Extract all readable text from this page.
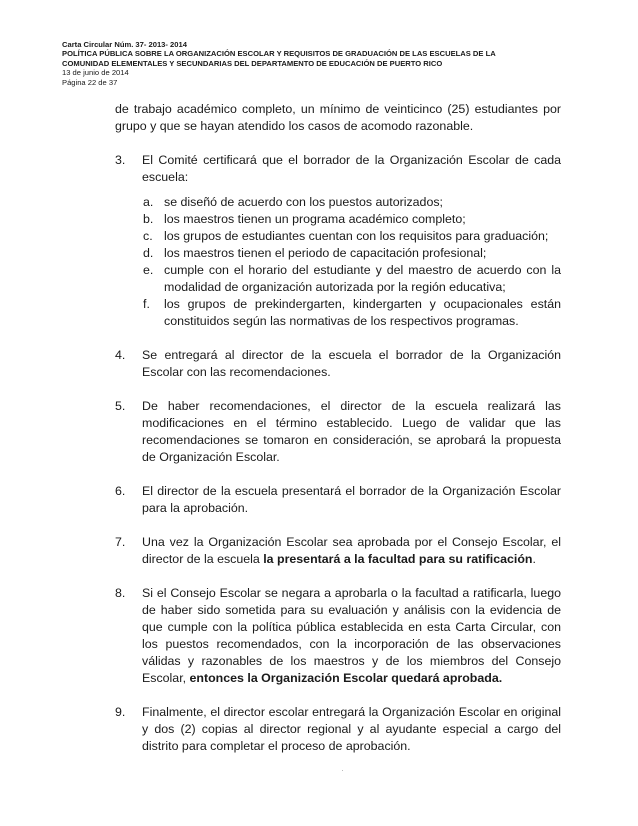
Carta Circular Núm. 37- 2013- 2014
POLÍTICA PÚBLICA SOBRE LA ORGANIZACIÓN ESCOLAR Y REQUISITOS DE GRADUACIÓN DE LAS ESCUELAS DE LA
COMUNIDAD ELEMENTALES Y SECUNDARIAS DEL DEPARTAMENTO DE EDUCACIÓN DE PUERTO RICO
13 de junio de 2014
Página 22 de 37

de trabajo académico completo, un mínimo de veinticinco (25) estudiantes por grupo y que se hayan atendido los casos de acomodo razonable.

3. El Comité certificará que el borrador de la Organización Escolar de cada escuela:

a. se diseñó de acuerdo con los puestos autorizados;

b. los maestros tienen un programa académico completo;

c. los grupos de estudiantes cuentan con los requisitos para graduación;

d. los maestros tienen el periodo de capacitación profesional;

e. cumple con el horario del estudiante y del maestro de acuerdo con la modalidad de organización autorizada por la región educativa;

f. los grupos de prekindergarten, kindergarten y ocupacionales están constituidos según las normativas de los respectivos programas.

4. Se entregará al director de la escuela el borrador de la Organización Escolar con las recomendaciones.

5. De haber recomendaciones, el director de la escuela realizará las modificaciones en el término establecido. Luego de validar que las recomendaciones se tomaron en consideración, se aprobará la propuesta de Organización Escolar.

6. El director de la escuela presentará el borrador de la Organización Escolar para la aprobación.

7. Una vez la Organización Escolar sea aprobada por el Consejo Escolar, el director de la escuela la presentará a la facultad para su ratificación.

8. Si el Consejo Escolar se negara a aprobarla o la facultad a ratificarla, luego de haber sido sometida para su evaluación y análisis con la evidencia de que cumple con la política pública establecida en esta Carta Circular, con los puestos recomendados, con la incorporación de las observaciones válidas y razonables de los maestros y de los miembros del Consejo Escolar, entonces la Organización Escolar quedará aprobada.

9. Finalmente, el director escolar entregará la Organización Escolar en original y dos (2) copias al director regional y al ayudante especial a cargo del distrito para completar el proceso de aprobación.
